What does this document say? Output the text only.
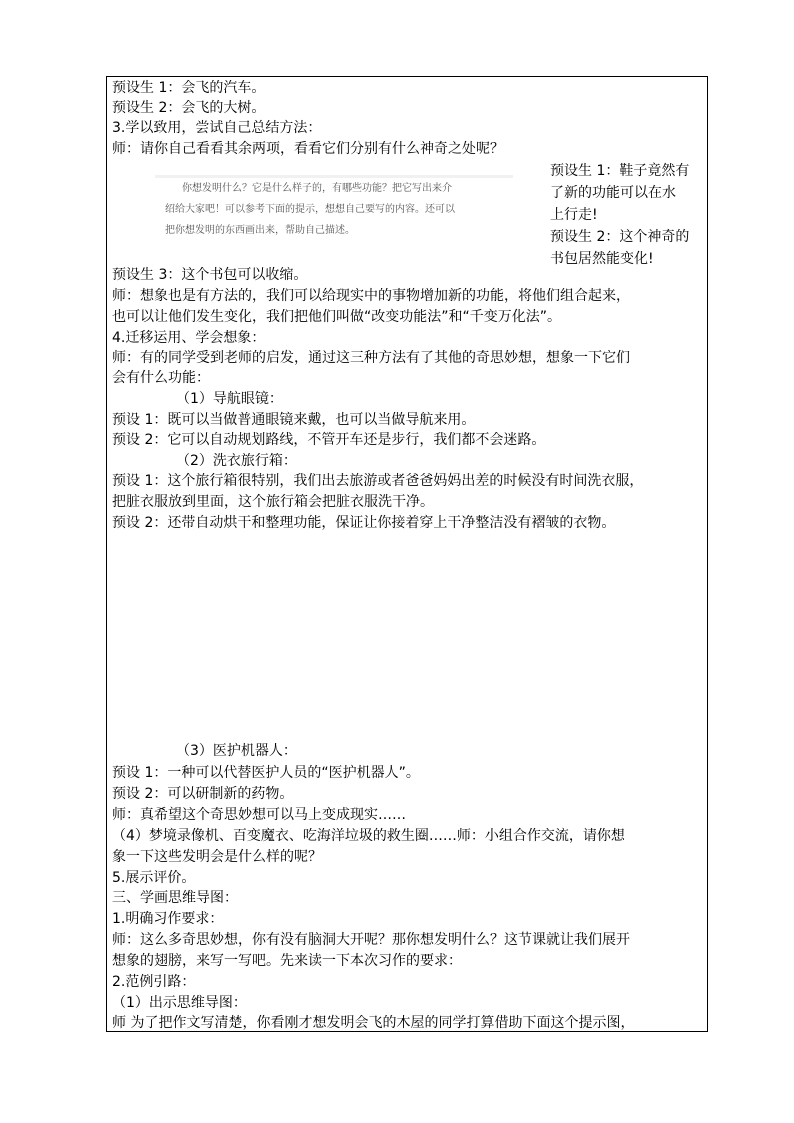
预设生 1：会飞的汽车。
预设生 2：会飞的大树。
3.学以致用，尝试自己总结方法：
师：请你自己看看其余两项，看看它们分别有什么神奇之处呢？
你想发明什么？它是什么样子的，有哪些功能？把它写出来介
绍给大家吧！可以参考下面的提示，想想自己要写的内容。还可以
把你想发明的东西画出来，帮助自己描述。
预设生 1：鞋子竟然有
了新的功能可以在水
上行走!
预设生 2：这个神奇的
书包居然能变化!
预设生 3：这个书包可以收缩。
师：想象也是有方法的，我们可以给现实中的事物增加新的功能，将他们组合起来，
也可以让他们发生变化，我们把他们叫做“改变功能法”和“千变万化法”。
4.迁移运用、学会想象：
师：有的同学受到老师的启发，通过这三种方法有了其他的奇思妙想，想象一下它们
会有什么功能：
（1）导航眼镜：
预设 1：既可以当做普通眼镜来戴，也可以当做导航来用。
预设 2：它可以自动规划路线，不管开车还是步行，我们都不会迷路。
（2）洗衣旅行箱：
预设 1：这个旅行箱很特别，我们出去旅游或者爸爸妈妈出差的时候没有时间洗衣服，
把脏衣服放到里面，这个旅行箱会把脏衣服洗干净。
预设 2：还带自动烘干和整理功能，保证让你接着穿上干净整洁没有褶皱的衣物。
（3）医护机器人：
预设 1：一种可以代替医护人员的“医护机器人”。
预设 2：可以研制新的药物。
师：真希望这个奇思妙想可以马上变成现实……
（4）梦境录像机、百变魔衣、吃海洋垃圾的救生圈……师：小组合作交流，请你想
象一下这些发明会是什么样的呢？
5.展示评价。
三、学画思维导图：
1.明确习作要求：
师：这么多奇思妙想，你有没有脑洞大开呢？那你想发明什么？这节课就让我们展开
想象的翅膀，来写一写吧。先来读一下本次习作的要求：
2.范例引路：
（1）出示思维导图：
师 为了把作文写清楚，你看刚才想发明会飞的木屋的同学打算借助下面这个提示图，
